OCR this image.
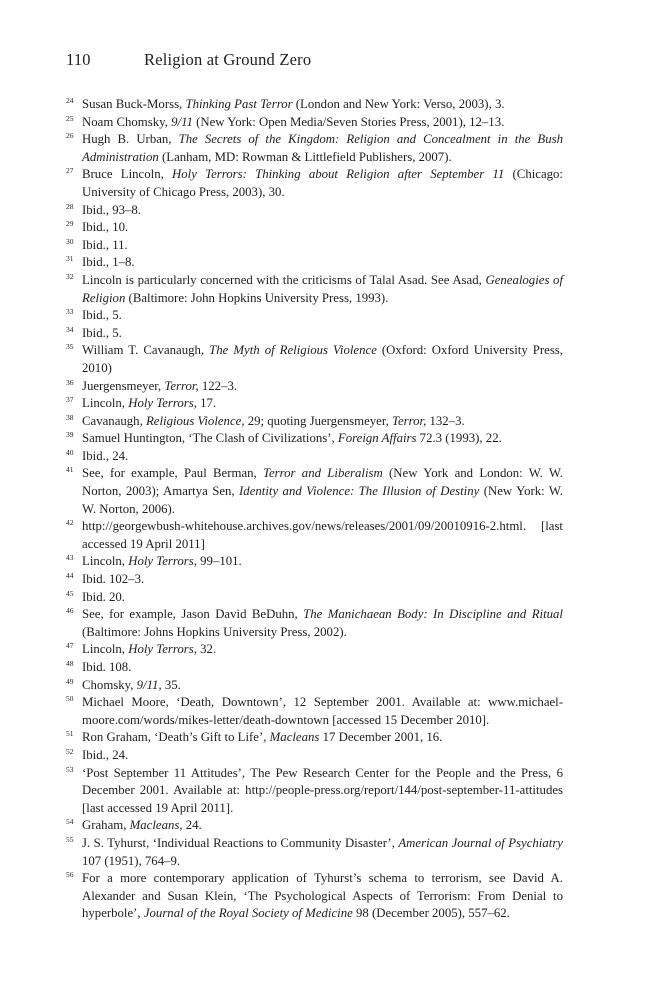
110	Religion at Ground Zero
24 Susan Buck-Morss, Thinking Past Terror (London and New York: Verso, 2003), 3.
25 Noam Chomsky, 9/11 (New York: Open Media/Seven Stories Press, 2001), 12–13.
26 Hugh B. Urban, The Secrets of the Kingdom: Religion and Concealment in the Bush Administration (Lanham, MD: Rowman & Littlefield Publishers, 2007).
27 Bruce Lincoln, Holy Terrors: Thinking about Religion after September 11 (Chicago: University of Chicago Press, 2003), 30.
28 Ibid., 93–8.
29 Ibid., 10.
30 Ibid., 11.
31 Ibid., 1–8.
32 Lincoln is particularly concerned with the criticisms of Talal Asad. See Asad, Genealogies of Religion (Baltimore: John Hopkins University Press, 1993).
33 Ibid., 5.
34 Ibid., 5.
35 William T. Cavanaugh, The Myth of Religious Violence (Oxford: Oxford University Press, 2010)
36 Juergensmeyer, Terror, 122–3.
37 Lincoln, Holy Terrors, 17.
38 Cavanaugh, Religious Violence, 29; quoting Juergensmeyer, Terror, 132–3.
39 Samuel Huntington, ‘The Clash of Civilizations’, Foreign Affairs 72.3 (1993), 22.
40 Ibid., 24.
41 See, for example, Paul Berman, Terror and Liberalism (New York and London: W. W. Norton, 2003); Amartya Sen, Identity and Violence: The Illusion of Destiny (New York: W. W. Norton, 2006).
42 http://georgewbush-whitehouse.archives.gov/news/releases/2001/09/20010916-2.html. [last accessed 19 April 2011]
43 Lincoln, Holy Terrors, 99–101.
44 Ibid. 102–3.
45 Ibid. 20.
46 See, for example, Jason David BeDuhn, The Manichaean Body: In Discipline and Ritual (Baltimore: Johns Hopkins University Press, 2002).
47 Lincoln, Holy Terrors, 32.
48 Ibid. 108.
49 Chomsky, 9/11, 35.
50 Michael Moore, ‘Death, Downtown’, 12 September 2001. Available at: www.michael-moore.com/words/mikes-letter/death-downtown [accessed 15 December 2010].
51 Ron Graham, ‘Death’s Gift to Life’, Macleans 17 December 2001, 16.
52 Ibid., 24.
53 ‘Post September 11 Attitudes’, The Pew Research Center for the People and the Press, 6 December 2001. Available at: http://people-press.org/report/144/post-september-11-attitudes [last accessed 19 April 2011].
54 Graham, Macleans, 24.
55 J. S. Tyhurst, ‘Individual Reactions to Community Disaster’, American Journal of Psychiatry 107 (1951), 764–9.
56 For a more contemporary application of Tyhurst’s schema to terrorism, see David A. Alexander and Susan Klein, ‘The Psychological Aspects of Terrorism: From Denial to hyperbole’, Journal of the Royal Society of Medicine 98 (December 2005), 557–62.
